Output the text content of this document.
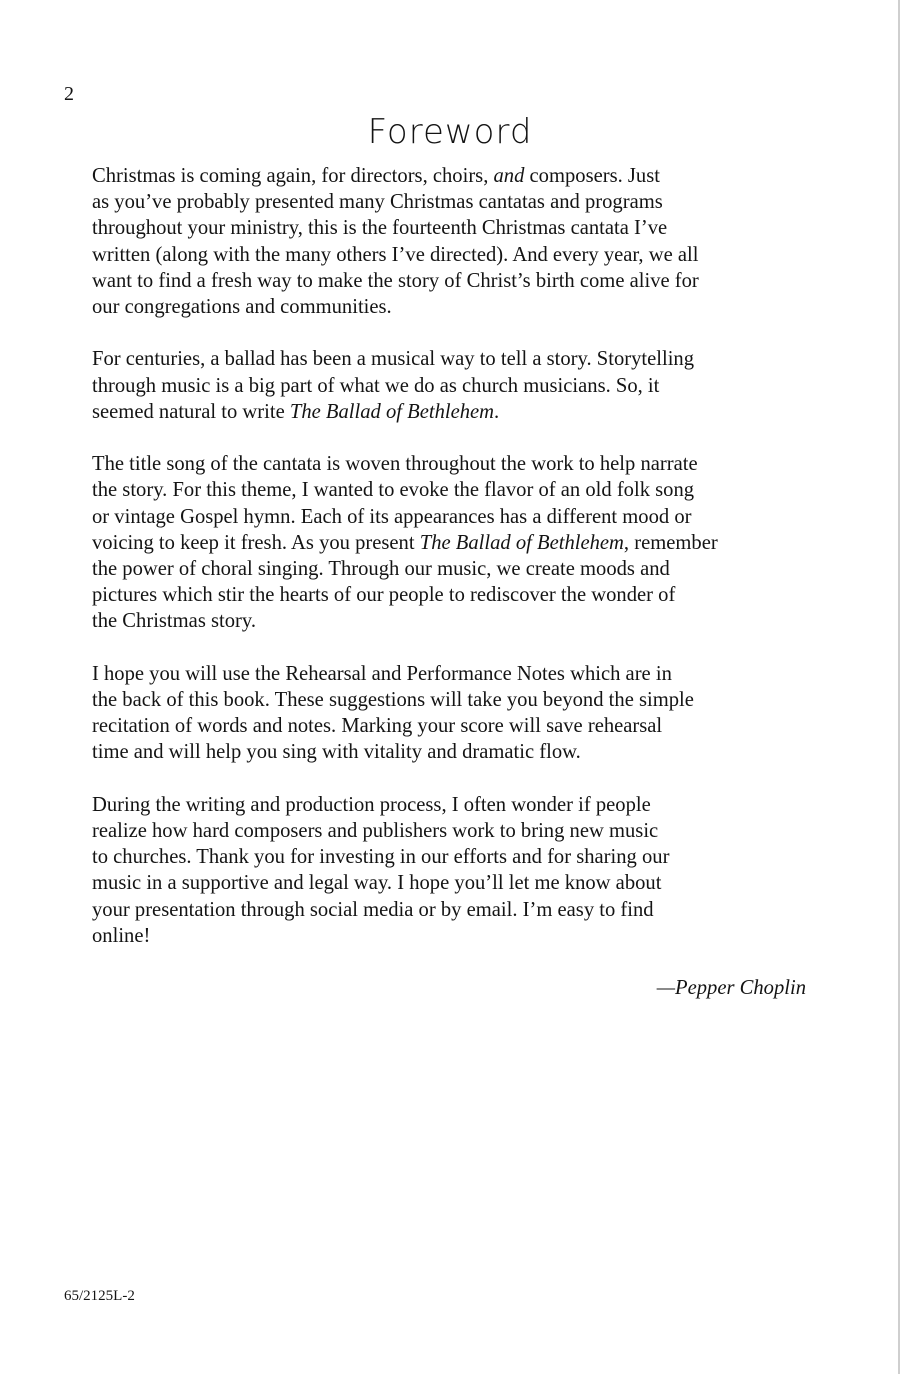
2
Foreword

Christmas is coming again, for directors, choirs, and composers. Just
as you’ve probably presented many Christmas cantatas and programs
throughout your ministry, this is the fourteenth Christmas cantata I’ve
written (along with the many others I’ve directed). And every year, we all
want to find a fresh way to make the story of Christ’s birth come alive for
our congregations and communities.

For centuries, a ballad has been a musical way to tell a story. Storytelling
through music is a big part of what we do as church musicians. So, it
seemed natural to write The Ballad of Bethlehem.

The title song of the cantata is woven throughout the work to help narrate
the story. For this theme, I wanted to evoke the flavor of an old folk song
or vintage Gospel hymn. Each of its appearances has a different mood or
voicing to keep it fresh. As you present The Ballad of Bethlehem, remember
the power of choral singing. Through our music, we create moods and
pictures which stir the hearts of our people to rediscover the wonder of
the Christmas story.

I hope you will use the Rehearsal and Performance Notes which are in
the back of this book. These suggestions will take you beyond the simple
recitation of words and notes. Marking your score will save rehearsal
time and will help you sing with vitality and dramatic flow.

During the writing and production process, I often wonder if people
realize how hard composers and publishers work to bring new music
to churches. Thank you for investing in our efforts and for sharing our
music in a supportive and legal way. I hope you’ll let me know about
your presentation through social media or by email. I’m easy to find
online!

—Pepper Choplin
65/2125L-2
